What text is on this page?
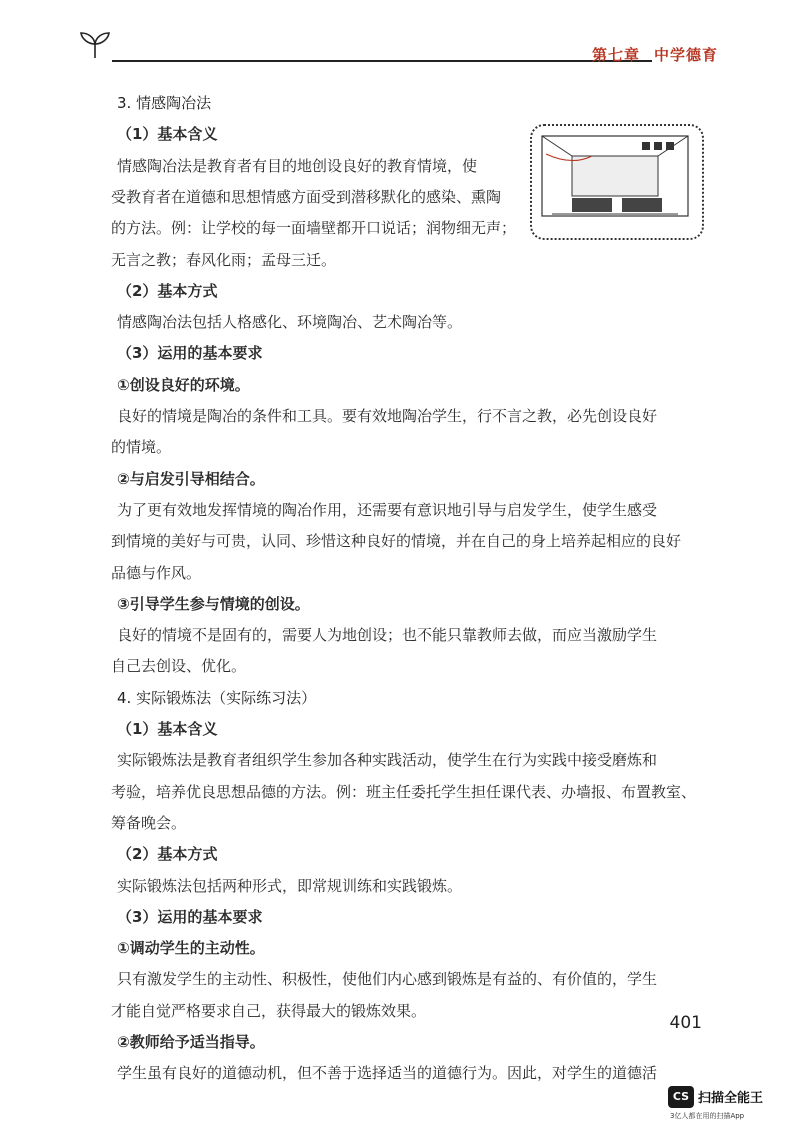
第七章 中学德育
3. 情感陶冶法
（1）基本含义
情感陶冶法是教育者有目的地创设良好的教育情境，使
受教育者在道德和思想情感方面受到潜移默化的感染、熏陶
的方法。例：让学校的每一面墙壁都开口说话；润物细无声；
无言之教；春风化雨；孟母三迁。
（2）基本方式
情感陶冶法包括人格感化、环境陶冶、艺术陶冶等。
（3）运用的基本要求
①创设良好的环境。
良好的情境是陶冶的条件和工具。要有效地陶冶学生，行不言之教，必先创设良好
的情境。
②与启发引导相结合。
为了更有效地发挥情境的陶冶作用，还需要有意识地引导与启发学生，使学生感受
到情境的美好与可贵，认同、珍惜这种良好的情境，并在自己的身上培养起相应的良好
品德与作风。
③引导学生参与情境的创设。
良好的情境不是固有的，需要人为地创设；也不能只靠教师去做，而应当激励学生
自己去创设、优化。
4. 实际锻炼法（实际练习法）
（1）基本含义
实际锻炼法是教育者组织学生参加各种实践活动，使学生在行为实践中接受磨炼和
考验，培养优良思想品德的方法。例：班主任委托学生担任课代表、办墙报、布置教室、
筹备晚会。
（2）基本方式
实际锻炼法包括两种形式，即常规训练和实践锻炼。
（3）运用的基本要求
①调动学生的主动性。
只有激发学生的主动性、积极性，使他们内心感到锻炼是有益的、有价值的，学生
才能自觉严格要求自己，获得最大的锻炼效果。
②教师给予适当指导。
学生虽有良好的道德动机，但不善于选择适当的道德行为。因此，对学生的道德活
401
CS 扫描全能王
3亿人都在用的扫描App
